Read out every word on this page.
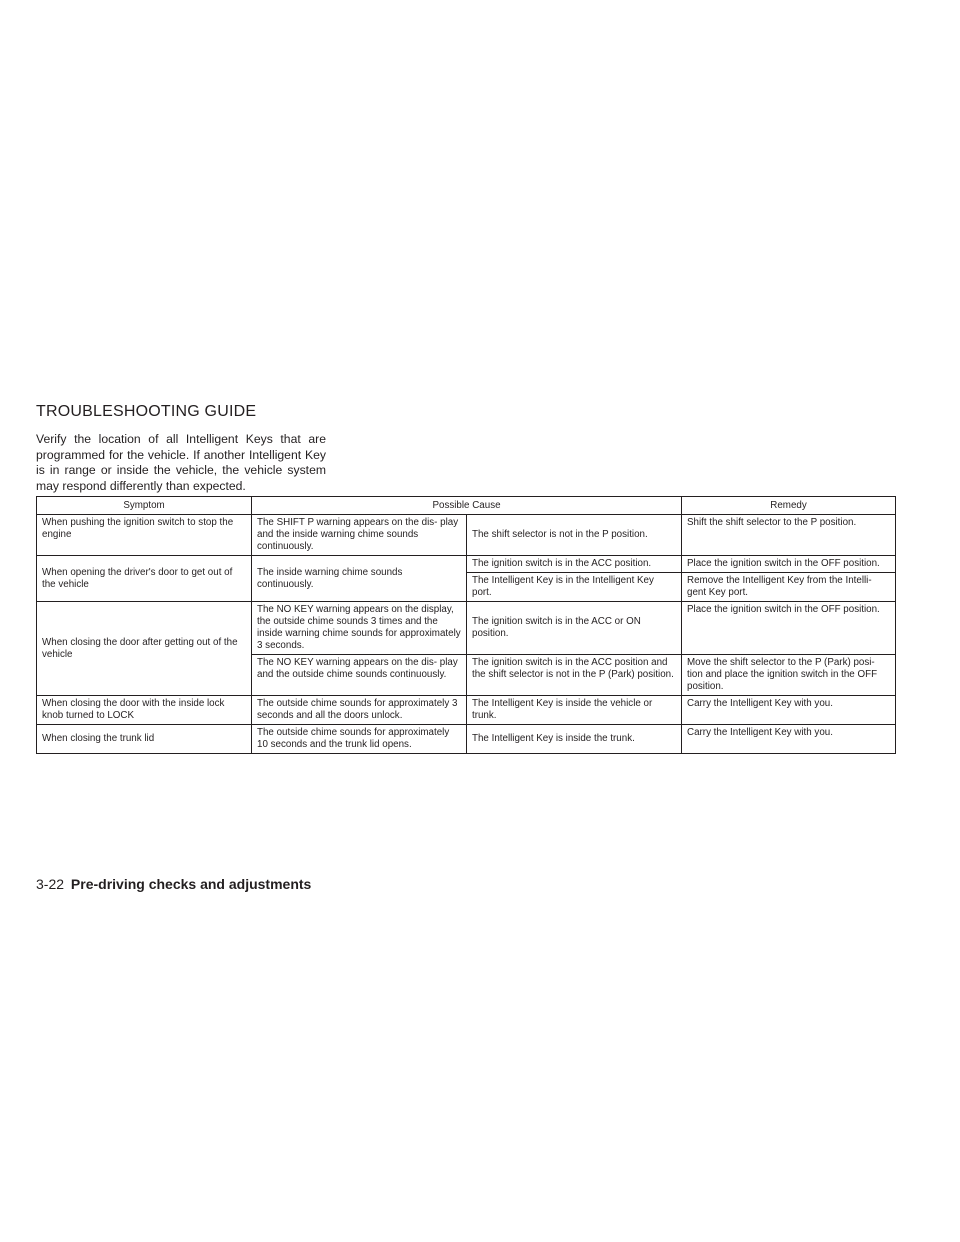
TROUBLESHOOTING GUIDE

Verify the location of all Intelligent Keys that are programmed for the vehicle. If another Intelligent Key is in range or inside the vehicle, the vehicle system may respond differently than expected.

Symptom	Possible Cause		Remedy
When pushing the ignition switch to stop the engine	The SHIFT P warning appears on the dis- play and the inside warning chime sounds continuously.	The shift selector is not in the P position.	Shift the shift selector to the P position.
When opening the driver's door to get out of the vehicle	The inside warning chime sounds continuously.	The ignition switch is in the ACC position.	Place the ignition switch in the OFF position.
		The Intelligent Key is in the Intelligent Key port.	Remove the Intelligent Key from the Intelli- gent Key port.
When closing the door after getting out of the vehicle	The NO KEY warning appears on the display, the outside chime sounds 3 times and the inside warning chime sounds for approximately 3 seconds.	The ignition switch is in the ACC or ON position.	Place the ignition switch in the OFF position.
	The NO KEY warning appears on the dis- play and the outside chime sounds continuously.	The ignition switch is in the ACC position and the shift selector is not in the P (Park) position.	Move the shift selector to the P (Park) posi- tion and place the ignition switch in the OFF position.
When closing the door with the inside lock knob turned to LOCK	The outside chime sounds for approximately 3 seconds and all the doors unlock.	The Intelligent Key is inside the vehicle or trunk.	Carry the Intelligent Key with you.
When closing the trunk lid	The outside chime sounds for approximately 10 seconds and the trunk lid opens.	The Intelligent Key is inside the trunk.	Carry the Intelligent Key with you.
3-22 Pre-driving checks and adjustments
